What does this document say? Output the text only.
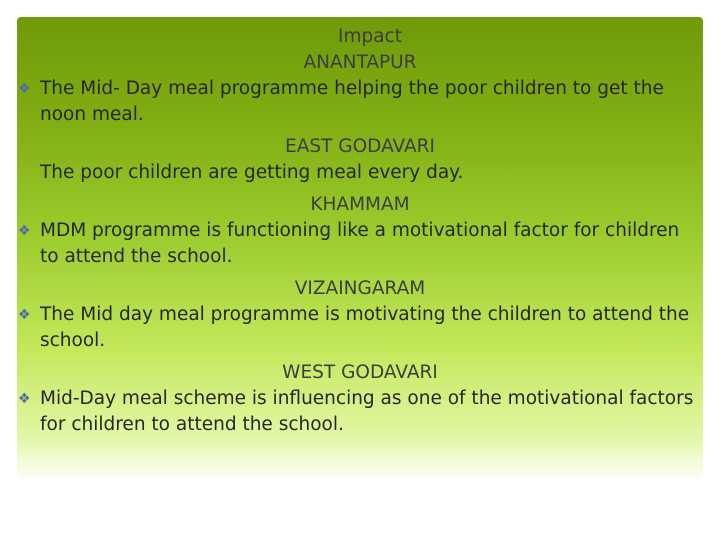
Impact
ANANTAPUR
❖ The Mid- Day meal programme helping the poor children to get the noon meal.
EAST GODAVARI
The poor children are getting meal every day.
KHAMMAM
❖ MDM programme is functioning like a motivational factor for children to attend the school.
VIZAINGARAM
❖ The Mid day meal programme is motivating the children to attend the school.
WEST GODAVARI
❖ Mid-Day meal scheme is influencing as one of the motivational factors for children to attend the school.
